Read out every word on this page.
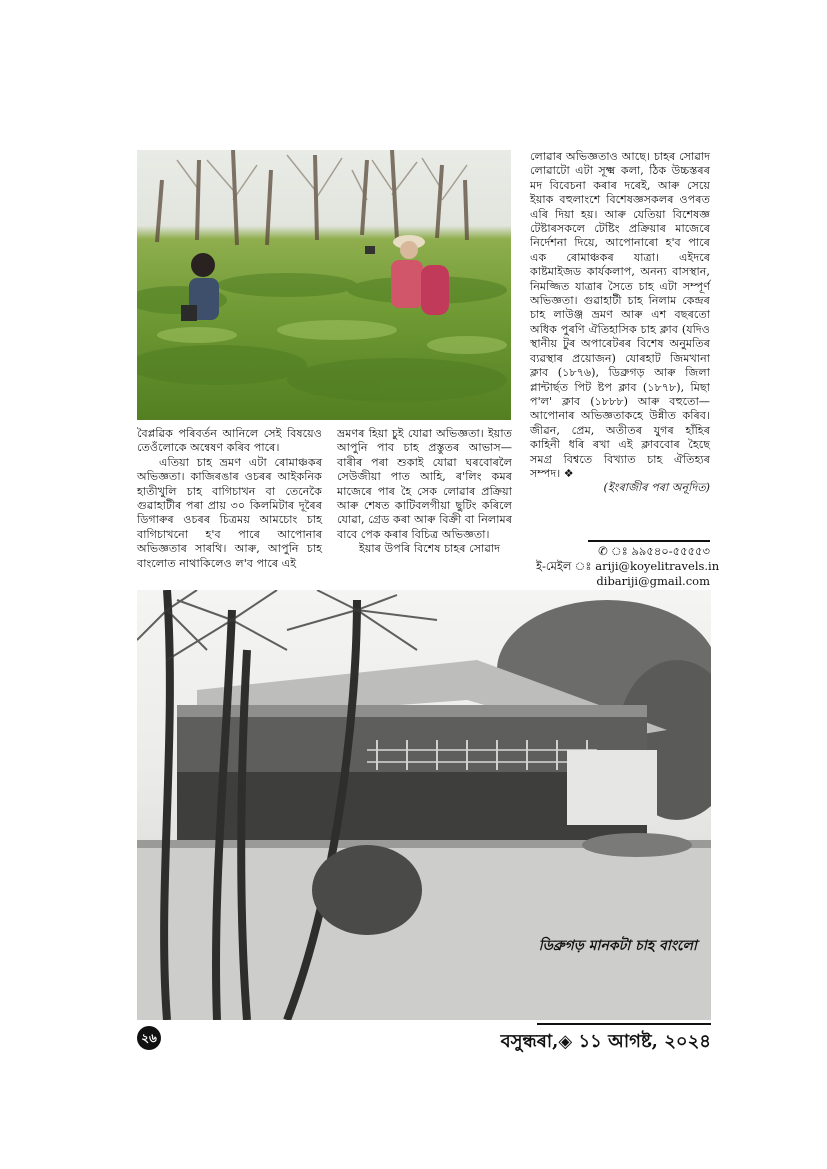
বৈপ্লৱিক পৰিবৰ্তন আনিলে সেই বিষয়েও তেওঁলোকে অন্বেষণ কৰিব পাৰে।

এতিয়া চাহ ভ্ৰমণ এটা ৰোমাঞ্চকৰ অভিজ্ঞতা। কাজিৰঙাৰ ওচৰৰ আইকনিক হাতীখুলি চাহ বাগিচাখন বা তেনেকৈ গুৱাহাটীৰ পৰা প্ৰায় ৩০ কিলমিটাৰ দূৰৈৰ ডিগাৰুৰ ওচৰৰ চিত্ৰময় আমচোং চাহ বাগিচাখনো হ'ব পাৰে আপোনাৰ অভিজ্ঞতাৰ সাৰথি। আৰু, আপুনি চাহ বাংলোত নাথাকিলেও ল'ব পাৰে এই

ভ্ৰমণৰ হিয়া চুই যোৱা অভিজ্ঞতা। ইয়াত আপুনি পাব চাহ প্ৰস্তুতৰ আভাস— বাৰীৰ পৰা শুকাই যোৱা ঘৰবোৰলৈ সেউজীয়া পাত আহি, ৰ'লিং কমৰ মাজেৰে পাৰ হৈ সেক লোৱাৰ প্ৰক্ৰিয়া আৰু শেষত কাটিবলগীয়া ছুটিং কৰিলে যোৱা, গ্ৰেড কৰা আৰু বিক্ৰী বা নিলামৰ বাবে পেক কৰাৰ বিচিত্ৰ অভিজ্ঞতা।

ইয়াৰ উপৰি বিশেষ চাহৰ সোৱাদ

লোৱাৰ অভিজ্ঞতাও আছে। চাহৰ সোৱাদ লোৱাটো এটা সূক্ষ্ম কলা, ঠিক উচ্চস্তৰৰ মদ বিবেচনা কৰাৰ দৰেই, আৰু সেয়ে ইয়াক বহুলাংশে বিশেষজ্ঞসকলৰ ওপৰত এৰি দিয়া হয়। আৰু যেতিয়া বিশেষজ্ঞ টেষ্টাৰসকলে টেষ্টিং প্ৰক্ৰিয়াৰ মাজেৰে নিৰ্দেশনা দিয়ে, আপোনাৰো হ'ব পাৰে এক ৰোমাঞ্চকৰ যাত্ৰা। এইদৰে কাষ্টমাইজড কাৰ্যকলাপ, অনন্য বাসস্থান, নিমজ্জিত যাত্ৰাৰ সৈতে চাহ এটা সম্পূৰ্ণ অভিজ্ঞতা। গুৱাহাটী চাহ নিলাম কেন্দ্ৰৰ চাহ লাউঞ্জ ভ্ৰমণ আৰু এশ বছৰতো অধিক পুৰণি ঐতিহাসিক চাহ ক্লাব (যদিও স্থানীয় টুৰ অপাৰেটৰৰ বিশেষ অনুমতিৰ ব্যৱস্থাৰ প্ৰয়োজন) যোৰহাট জিমখানা ক্লাব (১৮৭৬), ডিব্ৰুগড় আৰু জিলা প্লান্টাৰ্ছত পিট ষ্টপ ক্লাব (১৮৭৮), মিছা প'ল' ক্লাব (১৮৮৮) আৰু বহুতো—আপোনাৰ অভিজ্ঞতাকহে উন্নীত কৰিব। জীৱন, প্ৰেম, অতীতৰ যুগৰ হাঁহিৰ কাহিনী ধৰি ৰখা এই ক্লাববোৰ হৈছে সমগ্ৰ বিশ্বতে বিখ্যাত চাহ ঐতিহ্যৰ সম্পদ। ❖

(ইংৰাজীৰ পৰা অনূদিত)

✆ ঃ ৯৯৫৪০-৫৫৫৫৩
ই-মেইল ঃ ariji@koyelitravels.in
dibariji@gmail.com
ডিব্ৰুগড় মানকটা চাহ বাংলো
২৬	বসুন্ধৰা,◈ ১১ আগষ্ট, ২০২৪
